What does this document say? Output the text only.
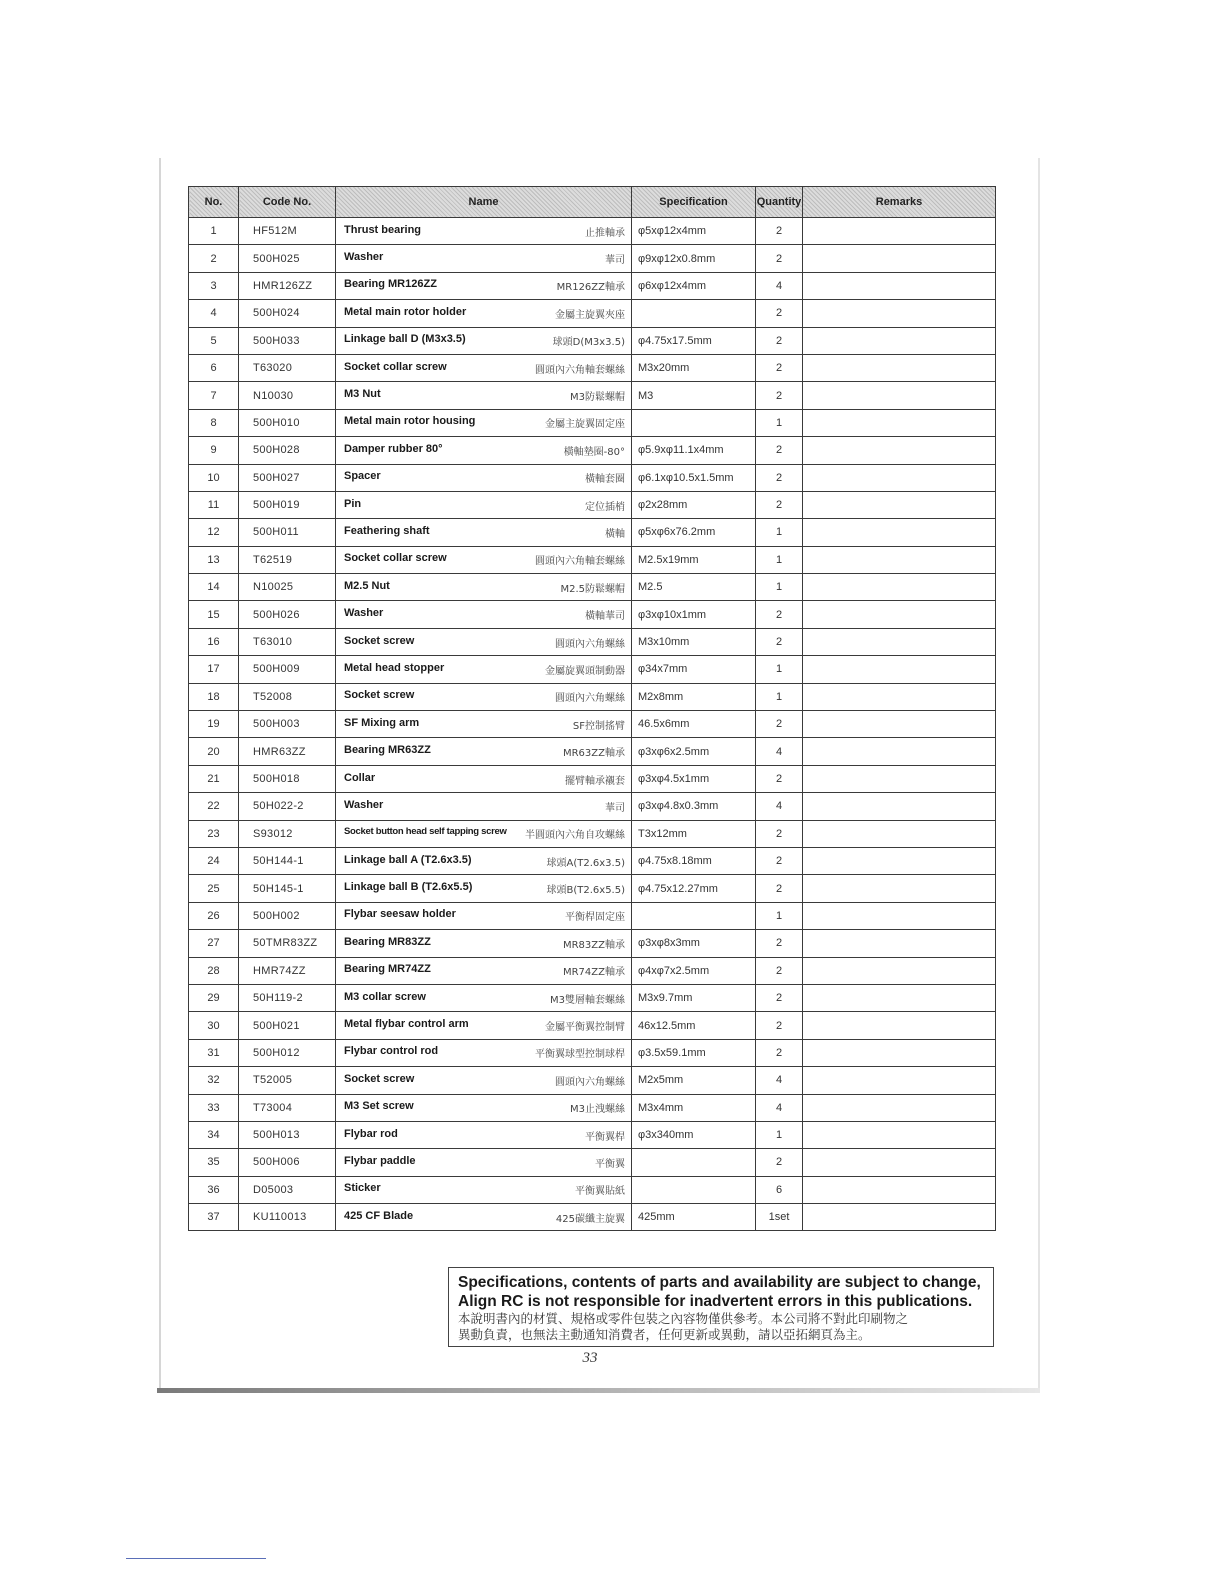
No.	Code No.	Name	Specification	Quantity	Remarks
1	HF512M	Thrust bearing 止推軸承	φ5xφ12x4mm	2	
2	500H025	Washer 華司	φ9xφ12x0.8mm	2	
3	HMR126ZZ	Bearing MR126ZZ MR126ZZ軸承	φ6xφ12x4mm	4	
4	500H024	Metal main rotor holder 金屬主旋翼夾座		2	
5	500H033	Linkage ball D (M3x3.5) 球頭D(M3x3.5)	φ4.75x17.5mm	2	
6	T63020	Socket collar screw 圓頭內六角軸套螺絲	M3x20mm	2	
7	N10030	M3 Nut M3防鬆螺帽	M3	2	
8	500H010	Metal main rotor housing 金屬主旋翼固定座		1	
9	500H028	Damper rubber 80° 橫軸墊圈-80°	φ5.9xφ11.1x4mm	2	
10	500H027	Spacer 橫軸套圈	φ6.1xφ10.5x1.5mm	2	
11	500H019	Pin 定位插梢	φ2x28mm	2	
12	500H011	Feathering shaft 橫軸	φ5xφ6x76.2mm	1	
13	T62519	Socket collar screw 圓頭內六角軸套螺絲	M2.5x19mm	1	
14	N10025	M2.5 Nut M2.5防鬆螺帽	M2.5	1	
15	500H026	Washer 橫軸華司	φ3xφ10x1mm	2	
16	T63010	Socket screw 圓頭內六角螺絲	M3x10mm	2	
17	500H009	Metal head stopper 金屬旋翼頭制動器	φ34x7mm	1	
18	T52008	Socket screw 圓頭內六角螺絲	M2x8mm	1	
19	500H003	SF Mixing arm SF控制搖臂	46.5x6mm	2	
20	HMR63ZZ	Bearing MR63ZZ MR63ZZ軸承	φ3xφ6x2.5mm	4	
21	500H018	Collar 擺臂軸承襯套	φ3xφ4.5x1mm	2	
22	50H022-2	Washer 華司	φ3xφ4.8x0.3mm	4	
23	S93012	Socket button head self tapping screw 半圓頭內六角自攻螺絲	T3x12mm	2	
24	50H144-1	Linkage ball A (T2.6x3.5) 球頭A(T2.6x3.5)	φ4.75x8.18mm	2	
25	50H145-1	Linkage ball B (T2.6x5.5) 球頭B(T2.6x5.5)	φ4.75x12.27mm	2	
26	500H002	Flybar seesaw holder 平衡桿固定座		1	
27	50TMR83ZZ	Bearing MR83ZZ MR83ZZ軸承	φ3xφ8x3mm	2	
28	HMR74ZZ	Bearing MR74ZZ MR74ZZ軸承	φ4xφ7x2.5mm	2	
29	50H119-2	M3 collar screw M3雙層軸套螺絲	M3x9.7mm	2	
30	500H021	Metal flybar control arm 金屬平衡翼控制臂	46x12.5mm	2	
31	500H012	Flybar control rod 平衡翼球型控制球桿	φ3.5x59.1mm	2	
32	T52005	Socket screw 圓頭內六角螺絲	M2x5mm	4	
33	T73004	M3 Set screw M3止洩螺絲	M3x4mm	4	
34	500H013	Flybar rod 平衡翼桿	φ3x340mm	1	
35	500H006	Flybar paddle 平衡翼		2	
36	D05003	Sticker 平衡翼貼紙		6	
37	KU110013	425 CF Blade 425碳纖主旋翼	425mm	1set	
Specifications, contents of parts and availability are subject to change,
Align RC is not responsible for inadvertent errors in this publications.
本說明書內的材質、規格或零件包裝之內容物僅供參考。本公司將不對此印刷物之
異動負責，也無法主動通知消費者，任何更新或異動，請以亞拓網頁為主。
33
